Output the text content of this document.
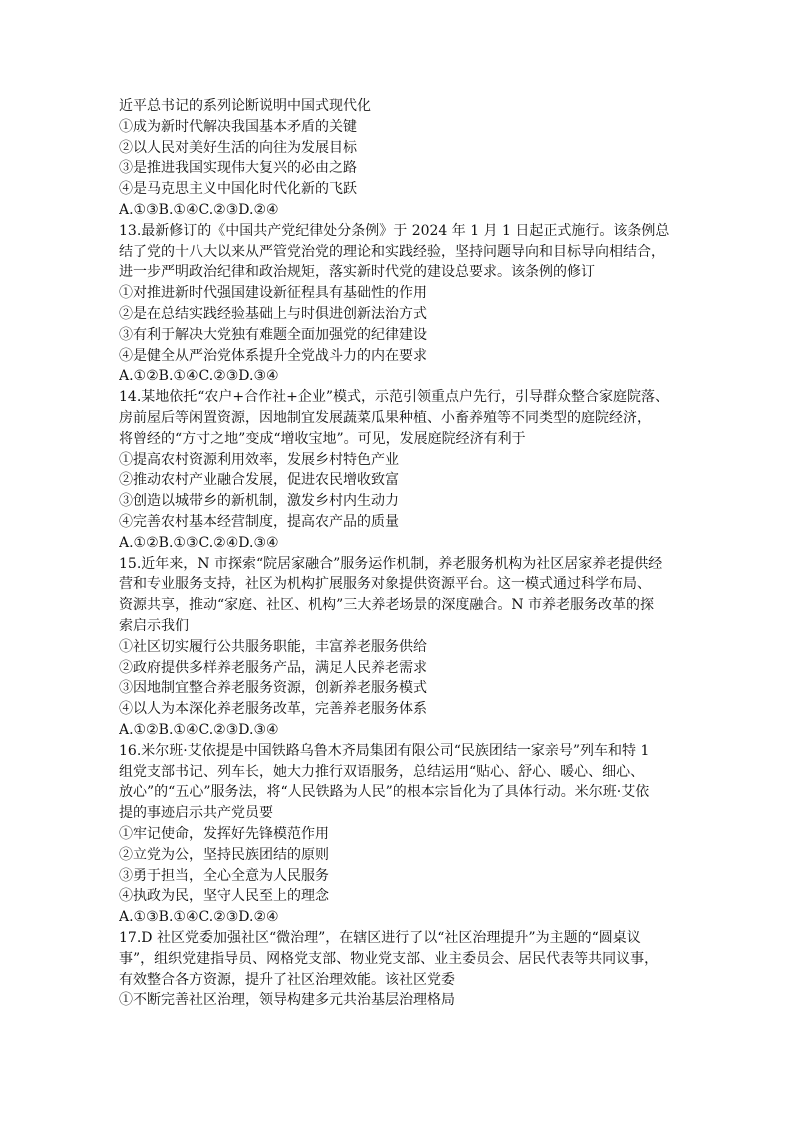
近平总书记的系列论断说明中国式现代化
①成为新时代解决我国基本矛盾的关键
②以人民对美好生活的向往为发展目标
③是推进我国实现伟大复兴的必由之路
④是马克思主义中国化时代化新的飞跃
A.①③B.①④C.②③D.②④
13.最新修订的《中国共产党纪律处分条例》于 2024 年 1 月 1 日起正式施行。该条例总
结了党的十八大以来从严管党治党的理论和实践经验，坚持问题导向和目标导向相结合，
进一步严明政治纪律和政治规矩，落实新时代党的建设总要求。该条例的修订
①对推进新时代强国建设新征程具有基础性的作用
②是在总结实践经验基础上与时俱进创新法治方式
③有利于解决大党独有难题全面加强党的纪律建设
④是健全从严治党体系提升全党战斗力的内在要求
A.①②B.①④C.②③D.③④
14.某地依托“农户+合作社+企业”模式，示范引领重点户先行，引导群众整合家庭院落、
房前屋后等闲置资源，因地制宜发展蔬菜瓜果种植、小畜养殖等不同类型的庭院经济，
将曾经的“方寸之地”变成“增收宝地”。可见，发展庭院经济有利于
①提高农村资源利用效率，发展乡村特色产业
②推动农村产业融合发展，促进农民增收致富
③创造以城带乡的新机制，激发乡村内生动力
④完善农村基本经营制度，提高农产品的质量
A.①②B.①③C.②④D.③④
15.近年来，N 市探索“院居家融合”服务运作机制，养老服务机构为社区居家养老提供经
营和专业服务支持，社区为机构扩展服务对象提供资源平台。这一模式通过科学布局、
资源共享，推动“家庭、社区、机构”三大养老场景的深度融合。N 市养老服务改革的探
索启示我们
①社区切实履行公共服务职能，丰富养老服务供给
②政府提供多样养老服务产品，满足人民养老需求
③因地制宜整合养老服务资源，创新养老服务模式
④以人为本深化养老服务改革，完善养老服务体系
A.①②B.①④C.②③D.③④
16.米尔班·艾依提是中国铁路乌鲁木齐局集团有限公司“民族团结一家亲号”列车和特 1
组党支部书记、列车长，她大力推行双语服务，总结运用“贴心、舒心、暖心、细心、
放心”的“五心”服务法，将“人民铁路为人民”的根本宗旨化为了具体行动。米尔班·艾依
提的事迹启示共产党员要
①牢记使命，发挥好先锋模范作用
②立党为公，坚持民族团结的原则
③勇于担当，全心全意为人民服务
④执政为民，坚守人民至上的理念
A.①③B.①④C.②③D.②④
17.D 社区党委加强社区“微治理”，在辖区进行了以“社区治理提升”为主题的“圆桌议
事”，组织党建指导员、网格党支部、物业党支部、业主委员会、居民代表等共同议事，
有效整合各方资源，提升了社区治理效能。该社区党委
①不断完善社区治理，领导构建多元共治基层治理格局
